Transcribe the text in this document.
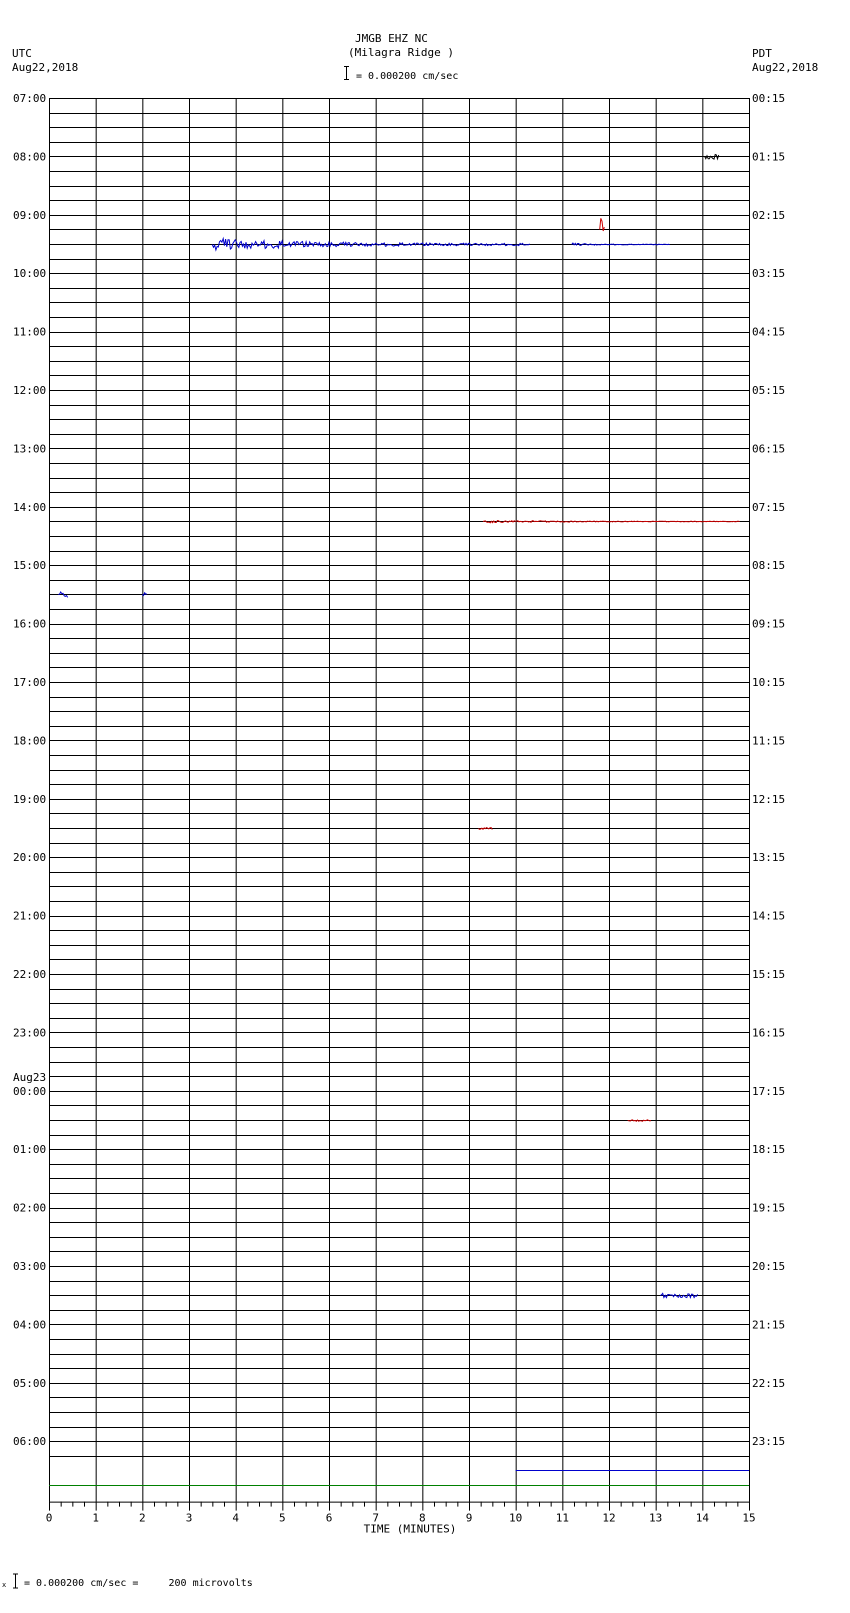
JMGB EHZ NC
(Milagra Ridge )
= 0.000200 cm/sec
UTC
Aug22,2018
PDT
Aug22,2018
07:00
08:00
09:00
10:00
11:00
12:00
13:00
14:00
15:00
16:00
17:00
18:00
19:00
20:00
21:00
22:00
23:00
Aug23
00:00
01:00
02:00
03:00
04:00
05:00
06:00
00:15
01:15
02:15
03:15
04:15
05:15
06:15
07:15
08:15
09:15
10:15
11:15
12:15
13:15
14:15
15:15
16:15
17:15
18:15
19:15
20:15
21:15
22:15
23:15
0	1	2	3	4	5	6	7	8	9	10	11	12	13	14	15
TIME (MINUTES)
x = 0.000200 cm/sec =     200 microvolts
